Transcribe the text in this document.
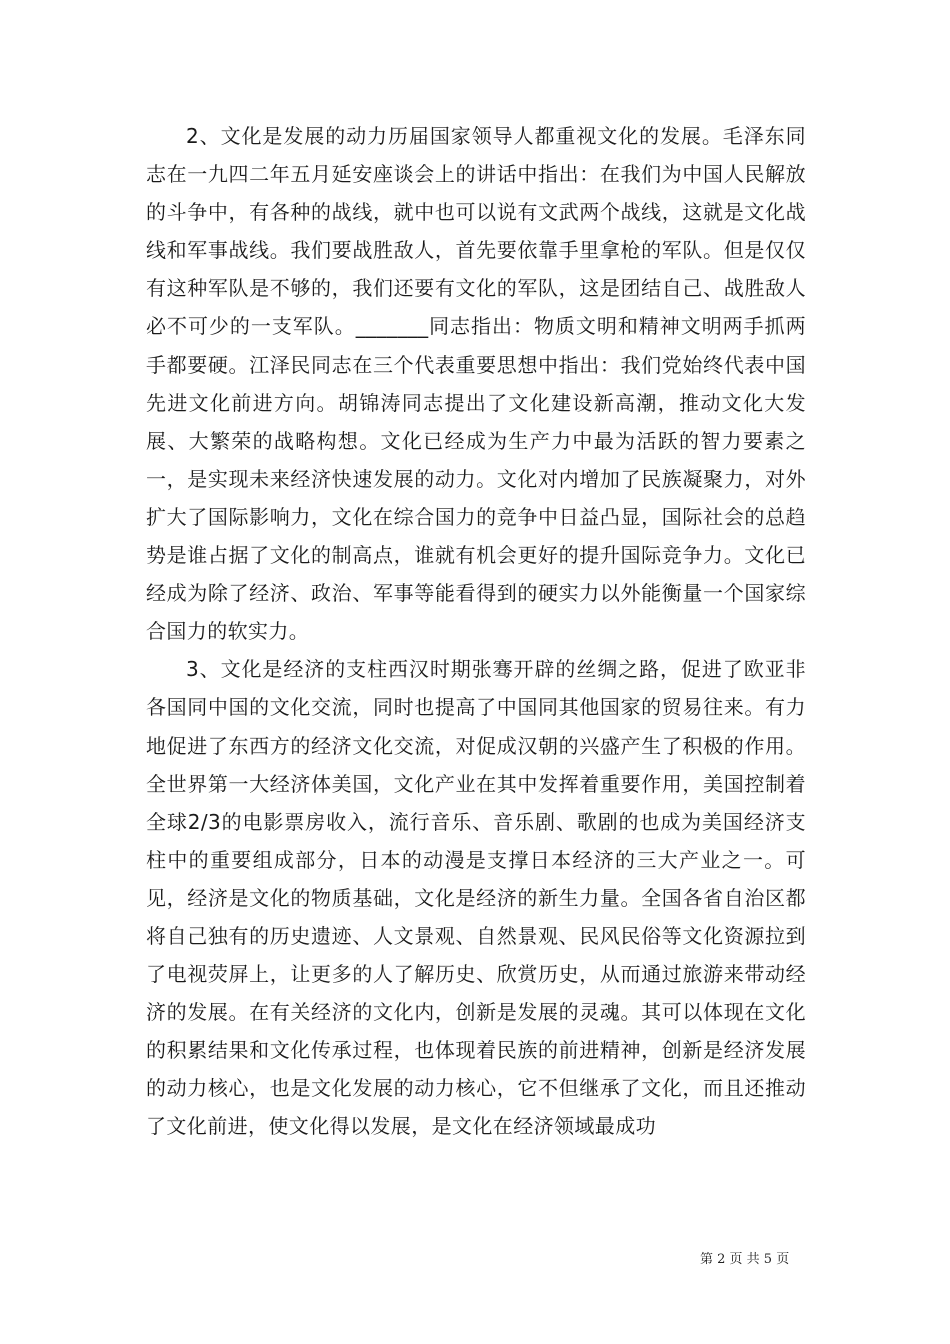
2、文化是发展的动力历届国家领导人都重视文化的发展。毛泽东同志在一九四二年五月延安座谈会上的讲话中指出：在我们为中国人民解放的斗争中，有各种的战线，就中也可以说有文武两个战线，这就是文化战线和军事战线。我们要战胜敌人，首先要依靠手里拿枪的军队。但是仅仅有这种军队是不够的，我们还要有文化的军队，这是团结自己、战胜敌人必不可少的一支军队。_______同志指出：物质文明和精神文明两手抓两手都要硬。江泽民同志在三个代表重要思想中指出：我们党始终代表中国先进文化前进方向。胡锦涛同志提出了文化建设新高潮，推动文化大发展、大繁荣的战略构想。文化已经成为生产力中最为活跃的智力要素之一，是实现未来经济快速发展的动力。文化对内增加了民族凝聚力，对外扩大了国际影响力，文化在综合国力的竞争中日益凸显，国际社会的总趋势是谁占据了文化的制高点，谁就有机会更好的提升国际竞争力。文化已经成为除了经济、政治、军事等能看得到的硬实力以外能衡量一个国家综合国力的软实力。

3、文化是经济的支柱西汉时期张骞开辟的丝绸之路，促进了欧亚非各国同中国的文化交流，同时也提高了中国同其他国家的贸易往来。有力地促进了东西方的经济文化交流，对促成汉朝的兴盛产生了积极的作用。全世界第一大经济体美国，文化产业在其中发挥着重要作用，美国控制着全球2/3的电影票房收入，流行音乐、音乐剧、歌剧的也成为美国经济支柱中的重要组成部分，日本的动漫是支撑日本经济的三大产业之一。可见，经济是文化的物质基础，文化是经济的新生力量。全国各省自治区都将自己独有的历史遗迹、人文景观、自然景观、民风民俗等文化资源拉到了电视荧屏上，让更多的人了解历史、欣赏历史，从而通过旅游来带动经济的发展。在有关经济的文化内，创新是发展的灵魂。其可以体现在文化的积累结果和文化传承过程，也体现着民族的前进精神，创新是经济发展的动力核心，也是文化发展的动力核心，它不但继承了文化，而且还推动了文化前进，使文化得以发展，是文化在经济领域最成功

第 2 页 共 5 页
